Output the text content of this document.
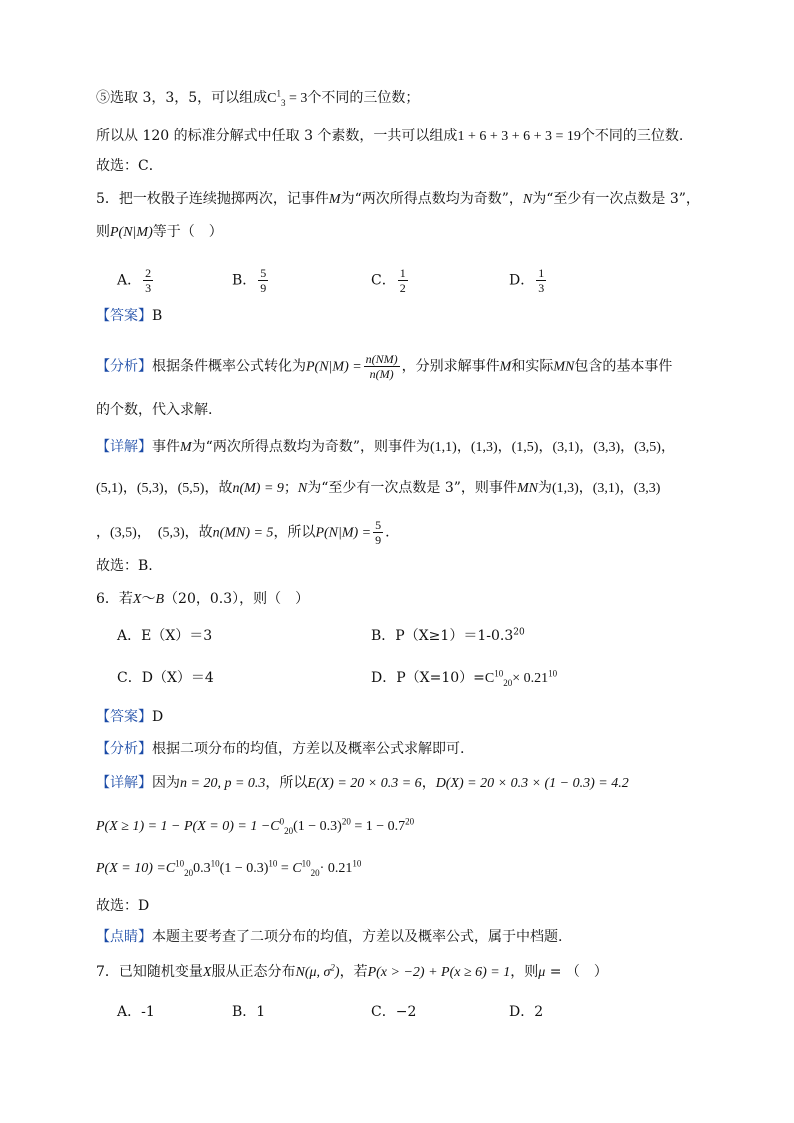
⑤选取 3，3，5，可以组成$C^1_3 = 3$个不同的三位数；
所以从 120 的标准分解式中任取 3 个素数，一共可以组成1 + 6 + 3 + 6 + 3 = 19个不同的三位数.
故选：C．
5．把一枚骰子连续抛掷两次，记事件M为“两次所得点数均为奇数”，N为“至少有一次点数是 3”，
则P(N|M)等于（　）
A． $\frac{2}{3}$	B． $\frac{5}{9}$	C． $\frac{1}{2}$	D． $\frac{1}{3}$
【答案】B
【分析】根据条件概率公式转化为$P(N|M) = \frac{n(NM)}{n(M)}$ ，分别求解事件M和实际MN包含的基本事件
的个数，代入求解.
【详解】事件M为“两次所得点数均为奇数”，则事件为(1,1)，(1,3)，(1,5)，(3,1)，(3,3)，(3,5)，
(5,1)，(5,3)，(5,5)，故n(M) = 9；N为“至少有一次点数是 3”，则事件MN为(1,3)，(3,1)，(3,3)
，(3,5)，　(5,3)，故n(MN) = 5，所以$P(N|M) = \frac{5}{9}$ .
故选：B.
6．若X～B（20，0.3），则（　）
A．E（X）＝3	B．$P(X\ge 1)=1-0.3^{20}$
C．D（X）＝4	D．$P(X=10)=C^{10}_{20}\times 0.21^{10}$
【答案】D
【分析】根据二项分布的均值，方差以及概率公式求解即可.
【详解】因为n = 20, p = 0.3，所以E(X) = 20 × 0.3 = 6，D(X) = 20 × 0.3 × (1 − 0.3) = 4.2
$P(X \ge 1) = 1 - P(X = 0) = 1 -C^0_{20}(1 - 0.3)^{20} = 1 - 0.7^{20}$
$P(X = 10) =C^{10}_{20}0.3^{10}(1 - 0.3)^{10} = C^{10}_{20}\cdot 0.21^{10}$
故选：D
【点睛】本题主要考查了二项分布的均值，方差以及概率公式，属于中档题.
7．已知随机变量X服从正态分布N(μ, $\sigma^2$)，若P(x > −2) + P(x ≥ 6) = 1，则μ = （　）
A．-1	B．1	C．−2	D．2
